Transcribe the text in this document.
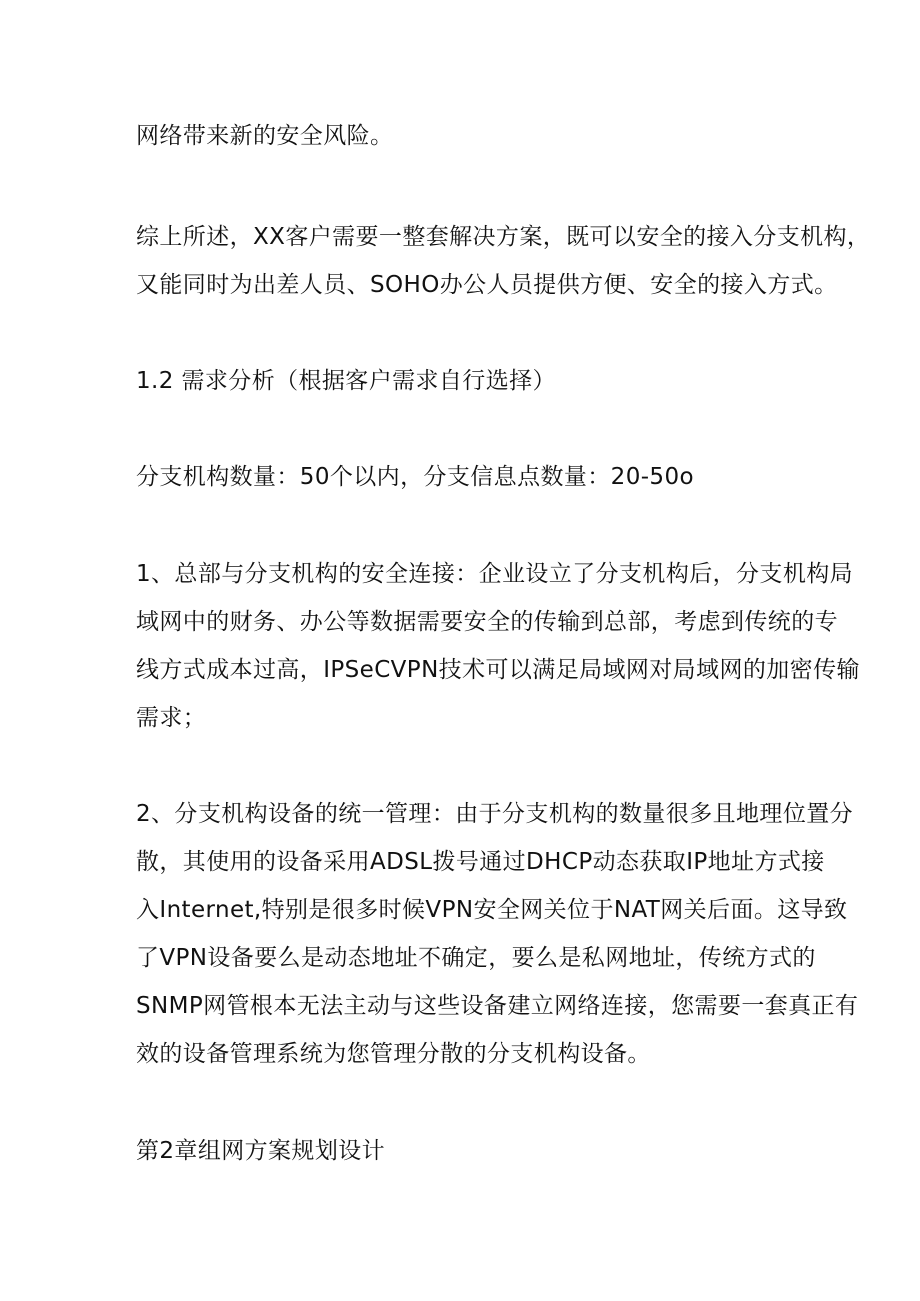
网络带来新的安全风险。
综上所述，XX客户需要一整套解决方案，既可以安全的接入分支机构，
又能同时为出差人员、SOHO办公人员提供方便、安全的接入方式。
1.2 需求分析（根据客户需求自行选择）
分支机构数量：50个以内，分支信息点数量：20-50o
1、总部与分支机构的安全连接：企业设立了分支机构后，分支机构局
域网中的财务、办公等数据需要安全的传输到总部，考虑到传统的专
线方式成本过高，IPSeCVPN技术可以满足局域网对局域网的加密传输
需求；
2、分支机构设备的统一管理：由于分支机构的数量很多且地理位置分
散，其使用的设备采用ADSL拨号通过DHCP动态获取IP地址方式接
入Internet,特别是很多时候VPN安全网关位于NAT网关后面。这导致
了VPN设备要么是动态地址不确定，要么是私网地址，传统方式的
SNMP网管根本无法主动与这些设备建立网络连接，您需要一套真正有
效的设备管理系统为您管理分散的分支机构设备。
第2章组网方案规划设计
